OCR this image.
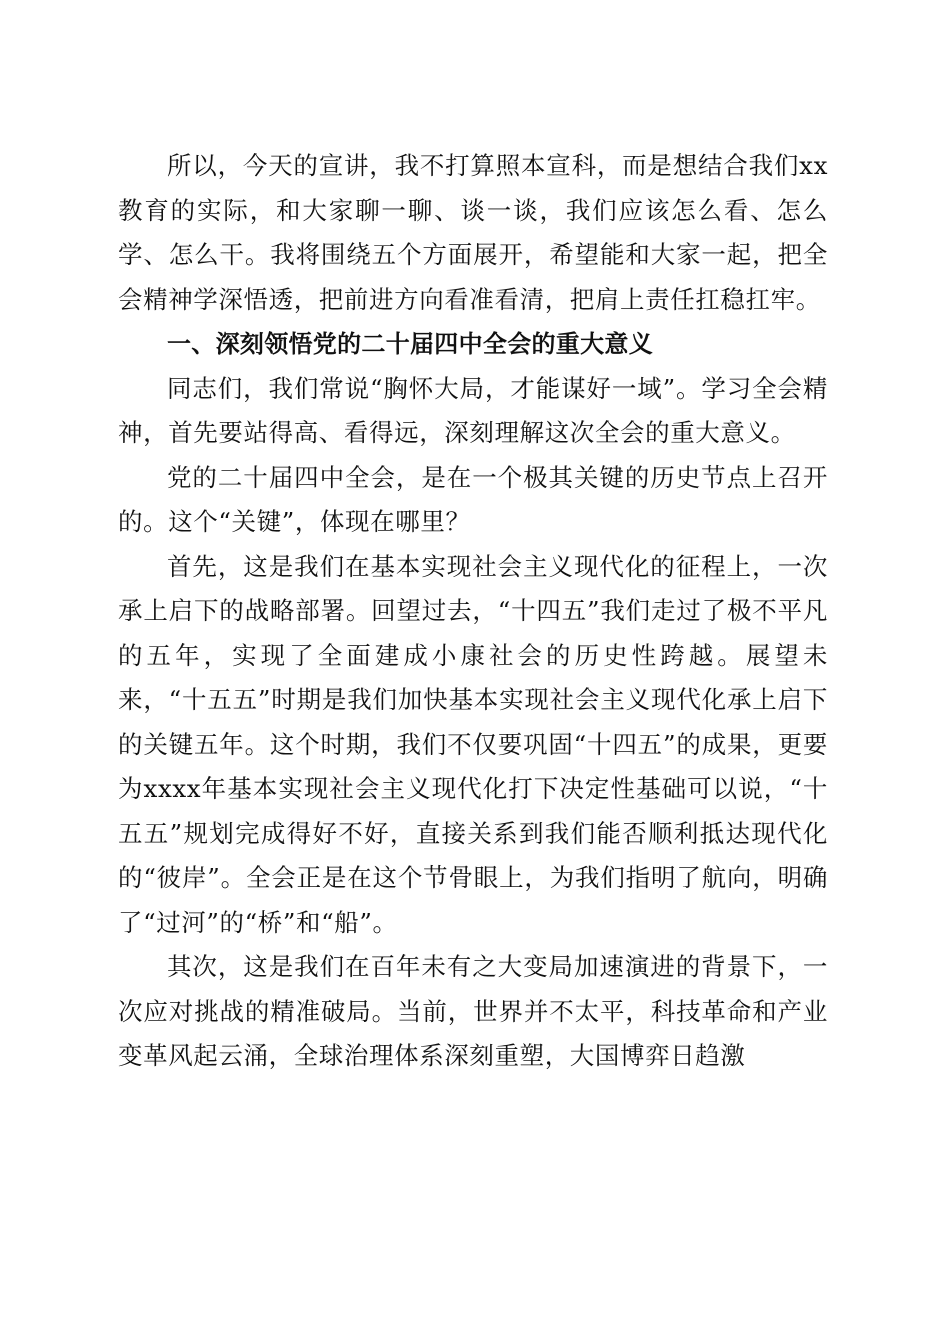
所以，今天的宣讲，我不打算照本宣科，而是想结合我们xx教育的实际，和大家聊一聊、谈一谈，我们应该怎么看、怎么学、怎么干。我将围绕五个方面展开，希望能和大家一起，把全会精神学深悟透，把前进方向看准看清，把肩上责任扛稳扛牢。

一、深刻领悟党的二十届四中全会的重大意义

同志们，我们常说“胸怀大局，才能谋好一域”。学习全会精神，首先要站得高、看得远，深刻理解这次全会的重大意义。

党的二十届四中全会，是在一个极其关键的历史节点上召开的。这个“关键”，体现在哪里？

首先，这是我们在基本实现社会主义现代化的征程上，一次承上启下的战略部署。回望过去，“十四五”我们走过了极不平凡的五年，实现了全面建成小康社会的历史性跨越。展望未来，“十五五”时期是我们加快基本实现社会主义现代化承上启下的关键五年。这个时期，我们不仅要巩固“十四五”的成果，更要为xxxx年基本实现社会主义现代化打下决定性基础可以说，“十五五”规划完成得好不好，直接关系到我们能否顺利抵达现代化的“彼岸”。全会正是在这个节骨眼上，为我们指明了航向，明确了“过河”的“桥”和“船”。

其次，这是我们在百年未有之大变局加速演进的背景下，一次应对挑战的精准破局。当前，世界并不太平，科技革命和产业变革风起云涌，全球治理体系深刻重塑，大国博弈日趋激
